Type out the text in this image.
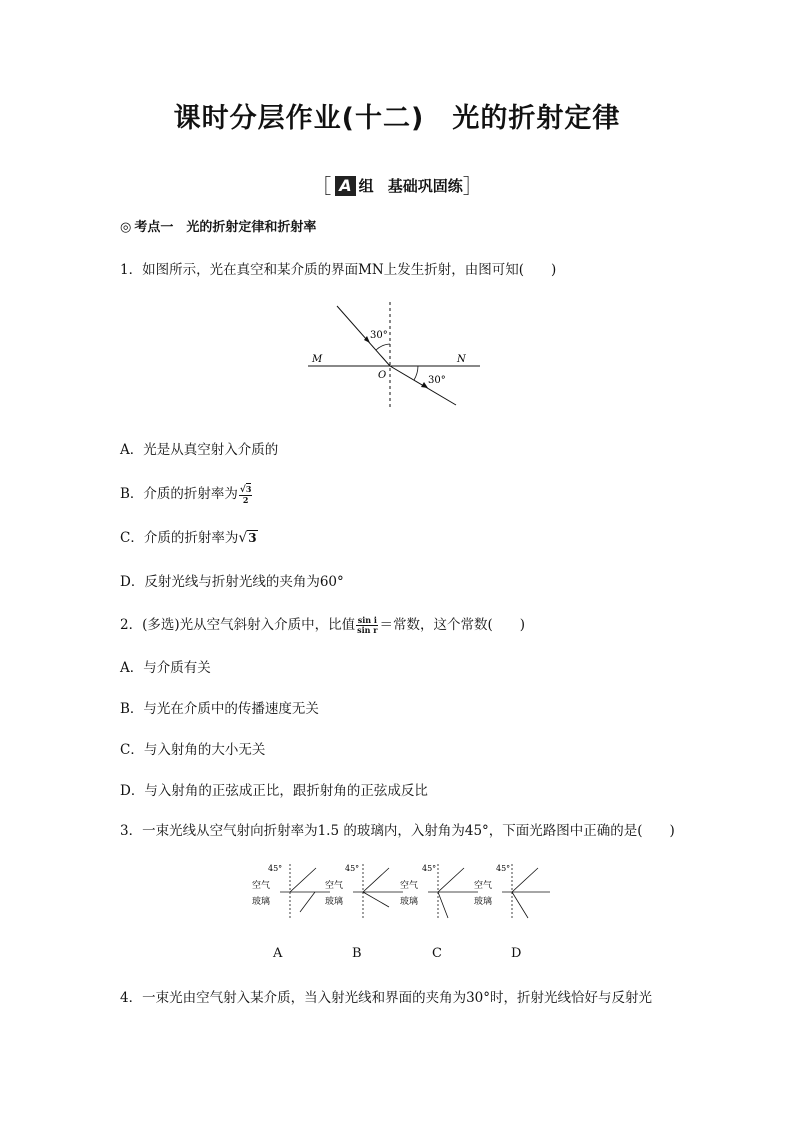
课时分层作业(十二) 光的折射定律
［ A 组 基础巩固练］
◎ 考点一　光的折射定律和折射率
1．如图所示，光在真空和某介质的界面MN上发生折射，由图可知(　　)
30°
30°
M	N
O
A．光是从真空射入介质的
B．介质的折射率为 $\frac{√3}{2}$
C．介质的折射率为√3
D．反射光线与折射光线的夹角为60°
2．(多选)光从空气斜射入介质中，比值 $\frac{\text{sin i}}{\text{sin r}}$ ＝常数，这个常数(　　)
A．与介质有关
B．与光在介质中的传播速度无关
C．与入射角的大小无关
D．与入射角的正弦成正比，跟折射角的正弦成反比
3．一束光线从空气射向折射率为1.5 的玻璃内，入射角为45°，下面光路图中正确的是(　　)
45°
空气
玻璃
45°
空气
玻璃
45°
空气
玻璃
45°
空气
玻璃
A	B	C	D
4．一束光由空气射入某介质，当入射光线和界面的夹角为30°时，折射光线恰好与反射光
